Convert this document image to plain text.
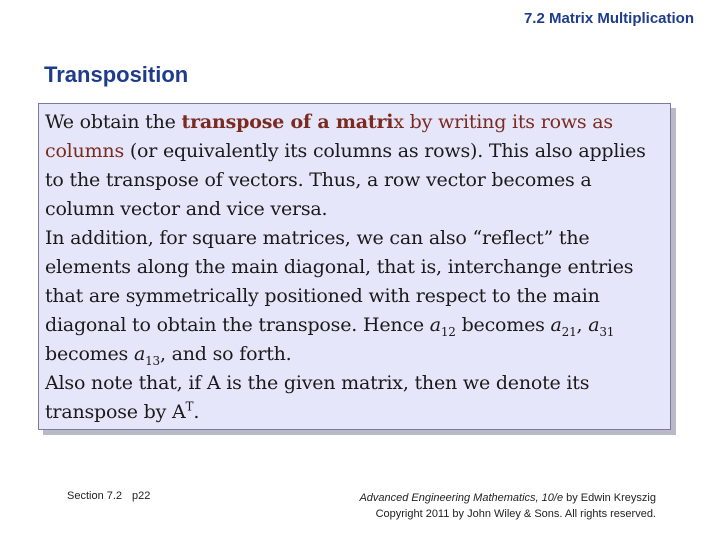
7.2 Matrix Multiplication
Transposition

We obtain the transpose of a matrix by writing its rows as
columns (or equivalently its columns as rows). This also applies to the transpose of vectors. Thus, a row vector becomes a column vector and vice versa.
In addition, for square matrices, we can also “reflect” the elements along the main diagonal, that is, interchange entries that are symmetrically positioned with respect to the main diagonal to obtain the transpose. Hence $a_{12}$ becomes $a_{21}$, $a_{31}$ becomes $a_{13}$, and so forth.
Also note that, if A is the given matrix, then we denote its transpose by $A^T$.

Section 7.2 p22	Advanced Engineering Mathematics, 10/e by Edwin Kreyszig
Copyright 2011 by John Wiley & Sons. All rights reserved.
